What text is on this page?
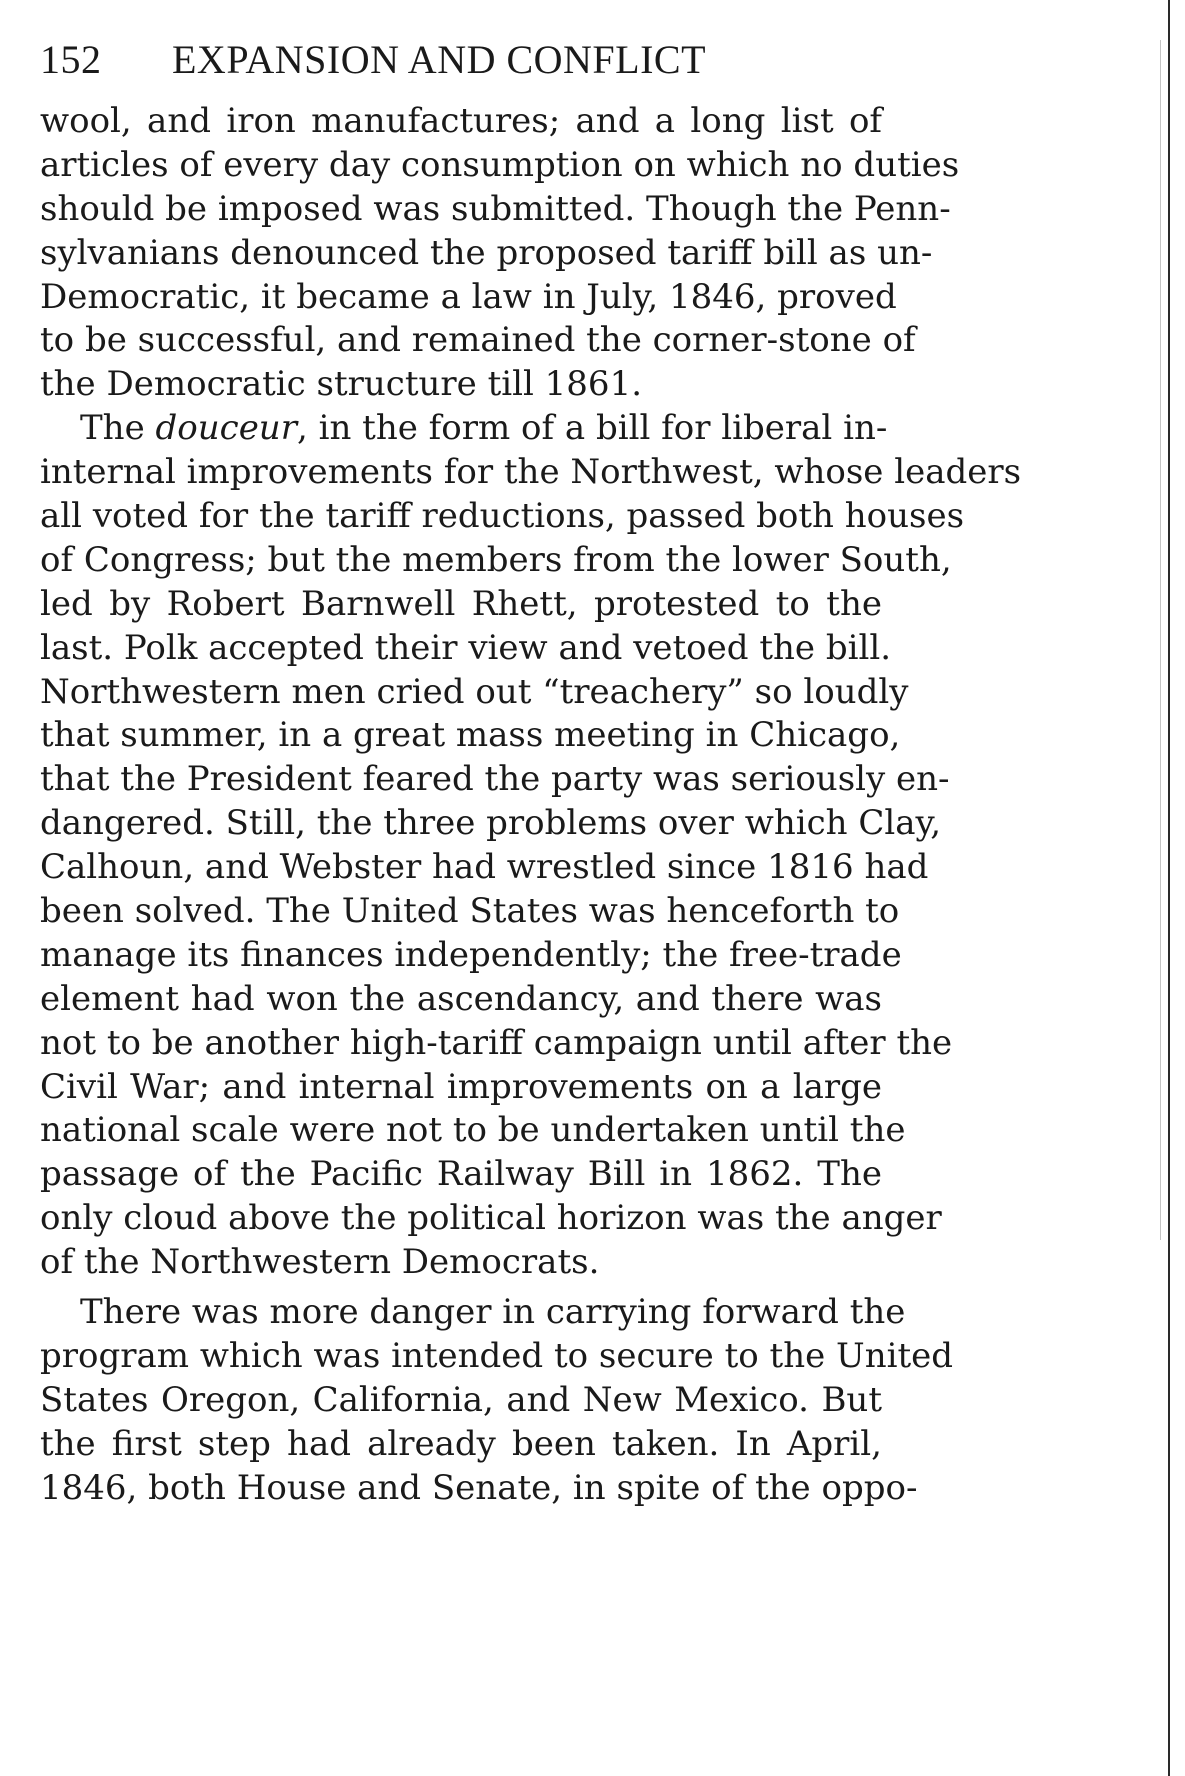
152 EXPANSION AND CONFLICT
wool, and iron manufactures; and a long list of
articles of every day consumption on which no duties
should be imposed was submitted. Though the Penn-
sylvanians denounced the proposed tariff bill as un-
Democratic, it became a law in July, 1846, proved
to be successful, and remained the corner-stone of
the Democratic structure till 1861.
The douceur, in the form of a bill for liberal in-
internal improvements for the Northwest, whose leaders
all voted for the tariff reductions, passed both houses
of Congress; but the members from the lower South,
led by Robert Barnwell Rhett, protested to the
last. Polk accepted their view and vetoed the bill.
Northwestern men cried out “treachery” so loudly
that summer, in a great mass meeting in Chicago,
that the President feared the party was seriously en-
dangered. Still, the three problems over which Clay,
Calhoun, and Webster had wrestled since 1816 had
been solved. The United States was henceforth to
manage its finances independently; the free-trade
element had won the ascendancy, and there was
not to be another high-tariff campaign until after the
Civil War; and internal improvements on a large
national scale were not to be undertaken until the
passage of the Pacific Railway Bill in 1862. The
only cloud above the political horizon was the anger
of the Northwestern Democrats.
There was more danger in carrying forward the
program which was intended to secure to the United
States Oregon, California, and New Mexico. But
the first step had already been taken. In April,
1846, both House and Senate, in spite of the oppo-
